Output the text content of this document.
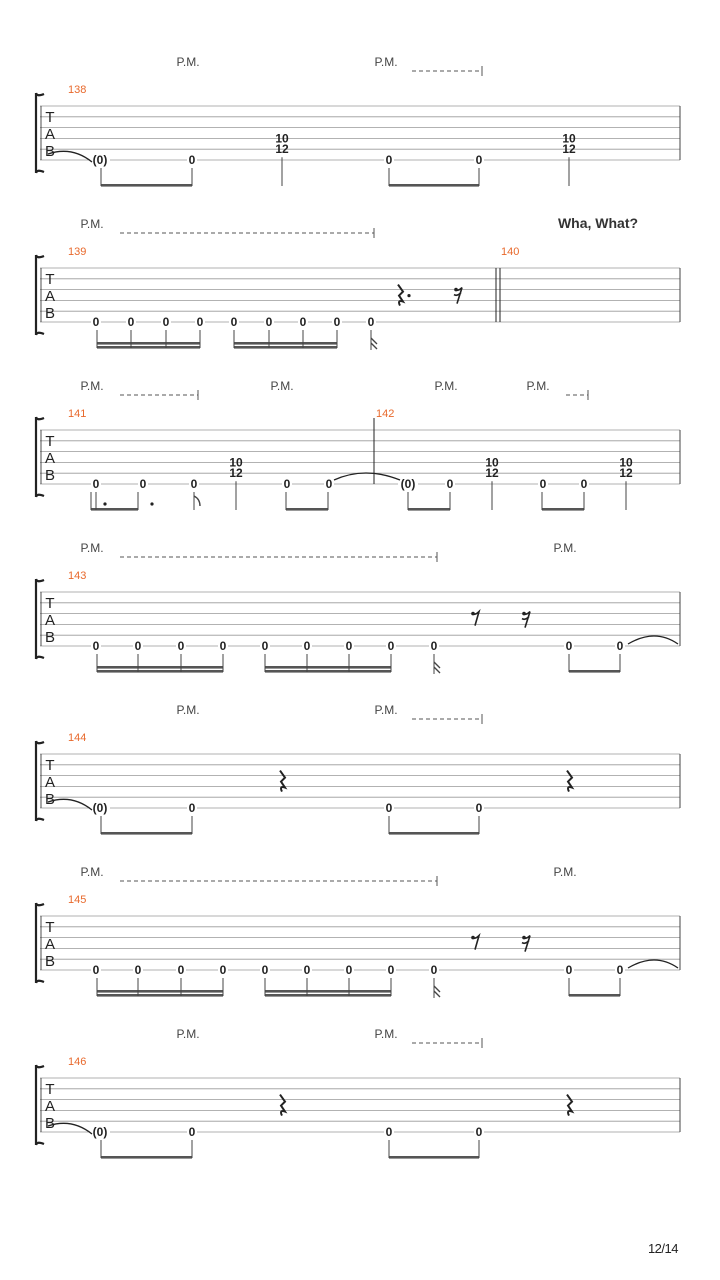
T
A
B
138
P.M.	P.M.
(0)	0
10
12
0	0
10
12
T
A
B
139	140
P.M.	Wha, What?
0 0 0 0 0 0 0 0 0
T
A
B
141	142
P.M.	P.M.	P.M.	P.M.
0	0	0
10
12
0	0	(0)	0
10
12
0	0
10
12
T
A
B
143
P.M.	P.M.
0	0	0	0	0	0	0	0	0	0	0
T
A
B
144
P.M.	P.M.
(0)	0	0	0
T
A
B
145
P.M.	P.M.
0	0	0	0	0	0	0	0	0	0	0
T
A
B
146
P.M.	P.M.
(0)	0	0	0
12/14
